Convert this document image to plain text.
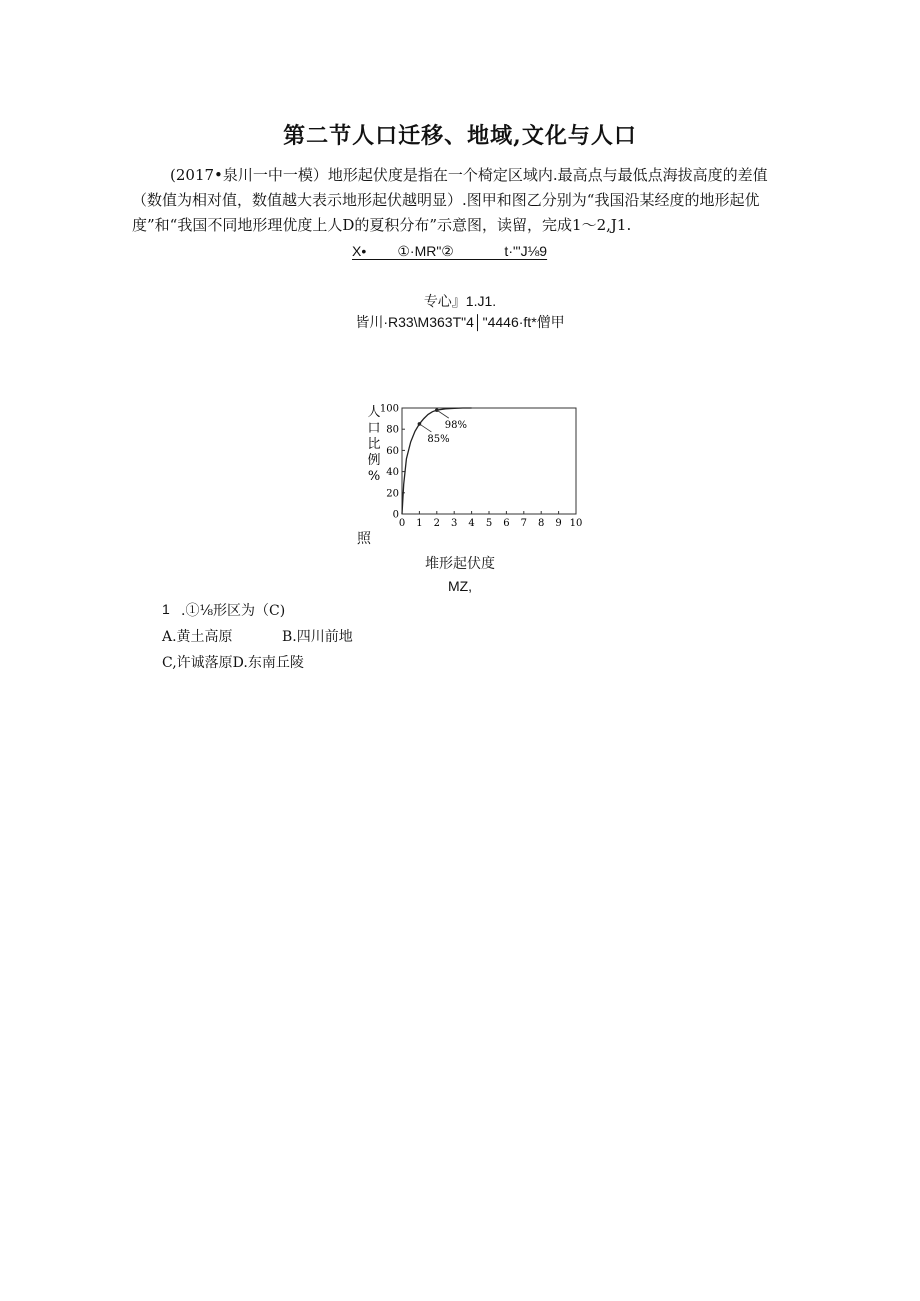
第二节人口迁移、地域,文化与人口
(2017•泉川一中一模）地形起伏度是指在一个椅定区域内.最高点与最低点海拔高度的差值
（数值为相对值，数值越大表示地形起伏越明显）.图甲和图乙分别为“我国沿某经度的地形起优
度”和“我国不同地形理优度上人D的夏积分布”示意图，读留，完成1〜2,J1.
X•        ①·MR"②             t·"'J⅛9
专心』1.J1.
皆川·R33\M363T"4│"4446·ft*僧甲
人
口
比
例
%
0
20
40
60
80
100
0 1 2 3 4 5 6 7 8 9 10
85%
98%
照
堆形起伏度
MZ,
1 .①⅛形区为（C)
A.黄土高原	B.四川前地
C,许诚落原D.东南丘陵
